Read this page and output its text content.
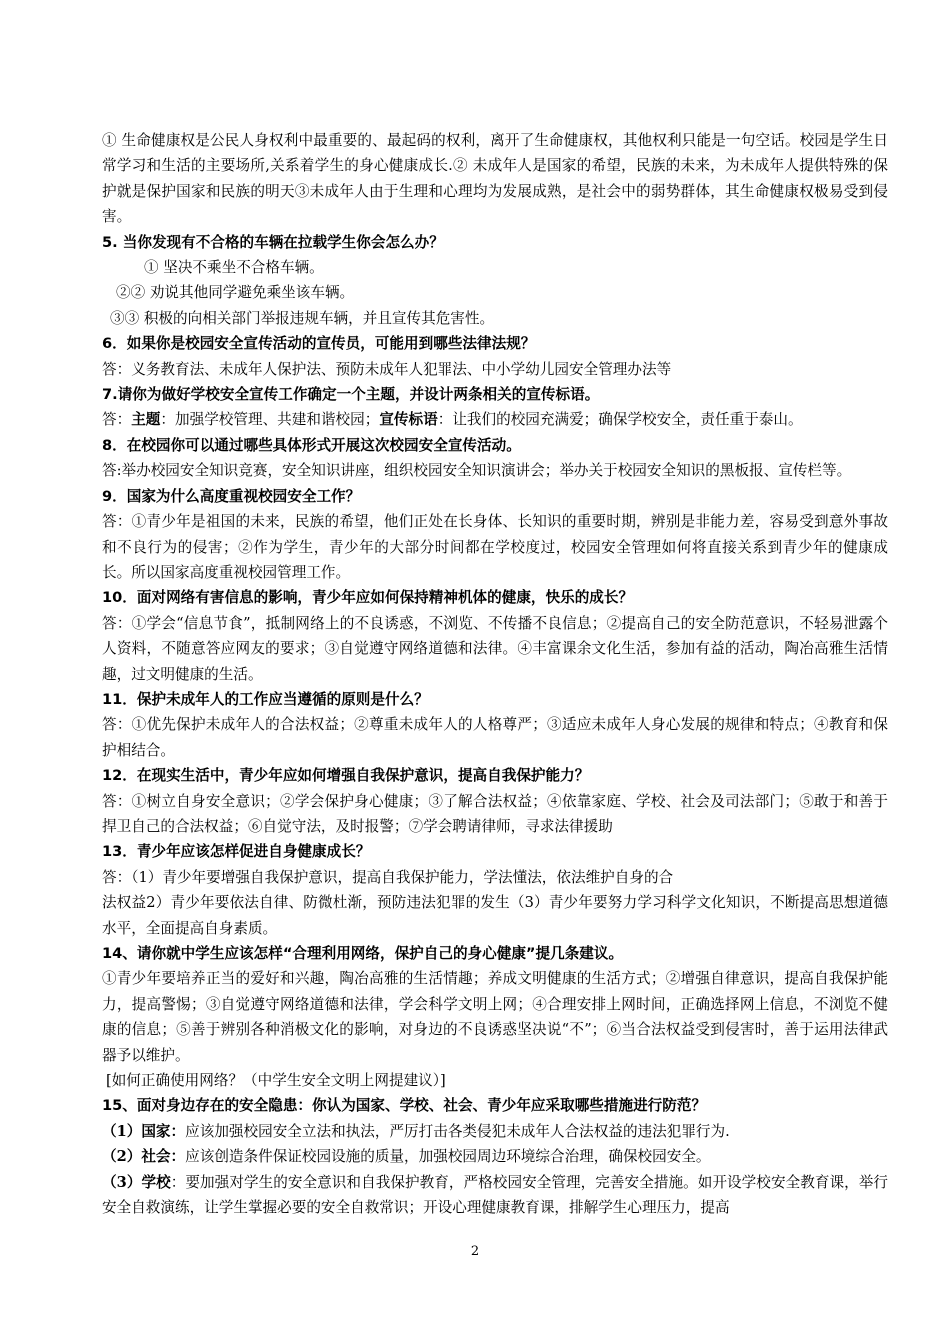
① 生命健康权是公民人身权利中最重要的、最起码的权利，离开了生命健康权，其他权利只能是一句空话。校园是学生日常学习和生活的主要场所,关系着学生的身心健康成长.② 未成年人是国家的希望，民族的未来，为未成年人提供特殊的保护就是保护国家和民族的明天③未成年人由于生理和心理均为发展成熟，是社会中的弱势群体，其生命健康权极易受到侵害。

5. 当你发现有不合格的车辆在拉载学生你会怎么办？

① 坚决不乘坐不合格车辆。

②② 劝说其他同学避免乘坐该车辆。

③③ 积极的向相关部门举报违规车辆，并且宣传其危害性。

6．如果你是校园安全宣传活动的宣传员，可能用到哪些法律法规？

答：义务教育法、未成年人保护法、预防未成年人犯罪法、中小学幼儿园安全管理办法等

7.请你为做好学校安全宣传工作确定一个主题，并设计两条相关的宣传标语。

答：主题：加强学校管理、共建和谐校园；宣传标语：让我们的校园充满爱；确保学校安全，责任重于泰山。

8．在校园你可以通过哪些具体形式开展这次校园安全宣传活动。

答:举办校园安全知识竞赛，安全知识讲座，组织校园安全知识演讲会；举办关于校园安全知识的黑板报、宣传栏等。

9．国家为什么高度重视校园安全工作？

答：①青少年是祖国的未来，民族的希望，他们正处在长身体、长知识的重要时期，辨别是非能力差，容易受到意外事故和不良行为的侵害；②作为学生，青少年的大部分时间都在学校度过，校园安全管理如何将直接关系到青少年的健康成长。所以国家高度重视校园管理工作。

10．面对网络有害信息的影响，青少年应如何保持精神机体的健康，快乐的成长？

答：①学会“信息节食”，抵制网络上的不良诱惑，不浏览、不传播不良信息；②提高自己的安全防范意识，不轻易泄露个人资料，不随意答应网友的要求；③自觉遵守网络道德和法律。④丰富课余文化生活，参加有益的活动，陶冶高雅生活情趣，过文明健康的生活。

11．保护未成年人的工作应当遵循的原则是什么？

答：①优先保护未成年人的合法权益；②尊重未成年人的人格尊严；③适应未成年人身心发展的规律和特点；④教育和保护相结合。

12．在现实生活中，青少年应如何增强自我保护意识，提高自我保护能力？

答：①树立自身安全意识；②学会保护身心健康；③了解合法权益；④依靠家庭、学校、社会及司法部门；⑤敢于和善于捍卫自己的合法权益；⑥自觉守法，及时报警；⑦学会聘请律师，寻求法律援助

13．青少年应该怎样促进自身健康成长？

答：（1）青少年要增强自我保护意识，提高自我保护能力，学法懂法，依法维护自身的合

法权益2）青少年要依法自律、防微杜渐，预防违法犯罪的发生（3）青少年要努力学习科学文化知识，不断提高思想道德水平，全面提高自身素质。

14、请你就中学生应该怎样“合理利用网络，保护自己的身心健康”提几条建议。

①青少年要培养正当的爱好和兴趣，陶冶高雅的生活情趣；养成文明健康的生活方式；②增强自律意识，提高自我保护能力，提高警惕；③自觉遵守网络道德和法律，学会科学文明上网；④合理安排上网时间，正确选择网上信息，不浏览不健康的信息；⑤善于辨别各种消极文化的影响，对身边的不良诱惑坚决说“不”；⑥当合法权益受到侵害时，善于运用法律武器予以维护。

[如何正确使用网络？（中学生安全文明上网提建议）]

15、面对身边存在的安全隐患：你认为国家、学校、社会、青少年应采取哪些措施进行防范？

（1）国家：应该加强校园安全立法和执法，严厉打击各类侵犯未成年人合法权益的违法犯罪行为.

（2）社会：应该创造条件保证校园设施的质量，加强校园周边环境综合治理，确保校园安全。

（3）学校：要加强对学生的安全意识和自我保护教育，严格校园安全管理，完善安全措施。如开设学校安全教育课，举行安全自救演练，让学生掌握必要的安全自救常识；开设心理健康教育课，排解学生心理压力，提高

2
